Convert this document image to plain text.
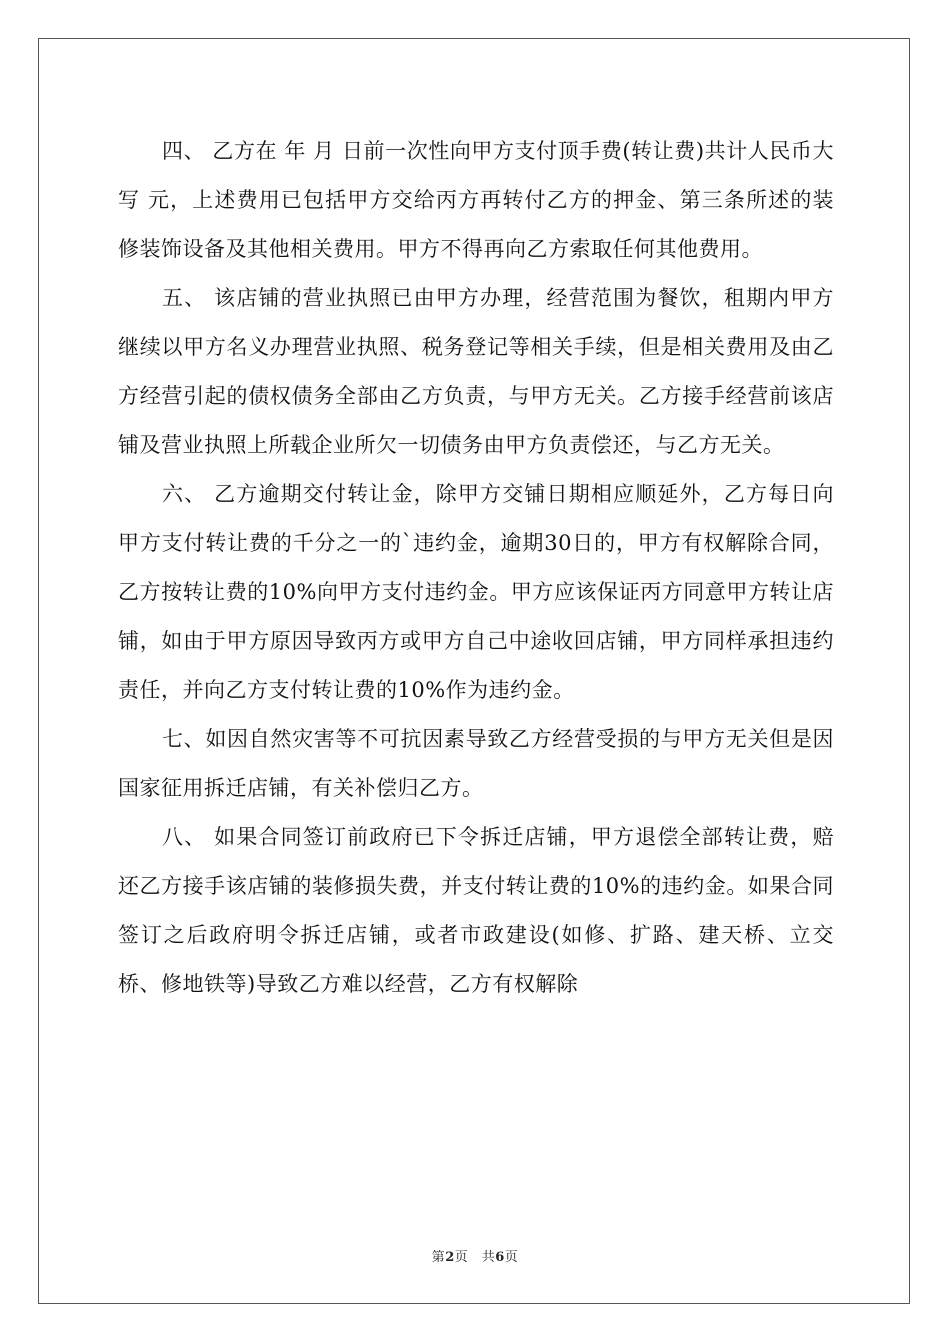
四、 乙方在 年 月 日前一次性向甲方支付顶手费(转让费)共计人民币大写 元，上述费用已包括甲方交给丙方再转付乙方的押金、第三条所述的装修装饰设备及其他相关费用。甲方不得再向乙方索取任何其他费用。

五、 该店铺的营业执照已由甲方办理，经营范围为餐饮，租期内甲方继续以甲方名义办理营业执照、税务登记等相关手续，但是相关费用及由乙方经营引起的债权债务全部由乙方负责，与甲方无关。乙方接手经营前该店铺及营业执照上所载企业所欠一切债务由甲方负责偿还，与乙方无关。

六、 乙方逾期交付转让金，除甲方交铺日期相应顺延外，乙方每日向甲方支付转让费的千分之一的`违约金，逾期30日的，甲方有权解除合同，乙方按转让费的10%向甲方支付违约金。甲方应该保证丙方同意甲方转让店铺，如由于甲方原因导致丙方或甲方自己中途收回店铺，甲方同样承担违约责任，并向乙方支付转让费的10%作为违约金。

七、如因自然灾害等不可抗因素导致乙方经营受损的与甲方无关但是因国家征用拆迁店铺，有关补偿归乙方。

八、 如果合同签订前政府已下令拆迁店铺，甲方退偿全部转让费，赔还乙方接手该店铺的装修损失费，并支付转让费的10%的违约金。如果合同签订之后政府明令拆迁店铺，或者市政建设(如修、扩路、建天桥、立交桥、修地铁等)导致乙方难以经营，乙方有权解除

第2页　共6页
